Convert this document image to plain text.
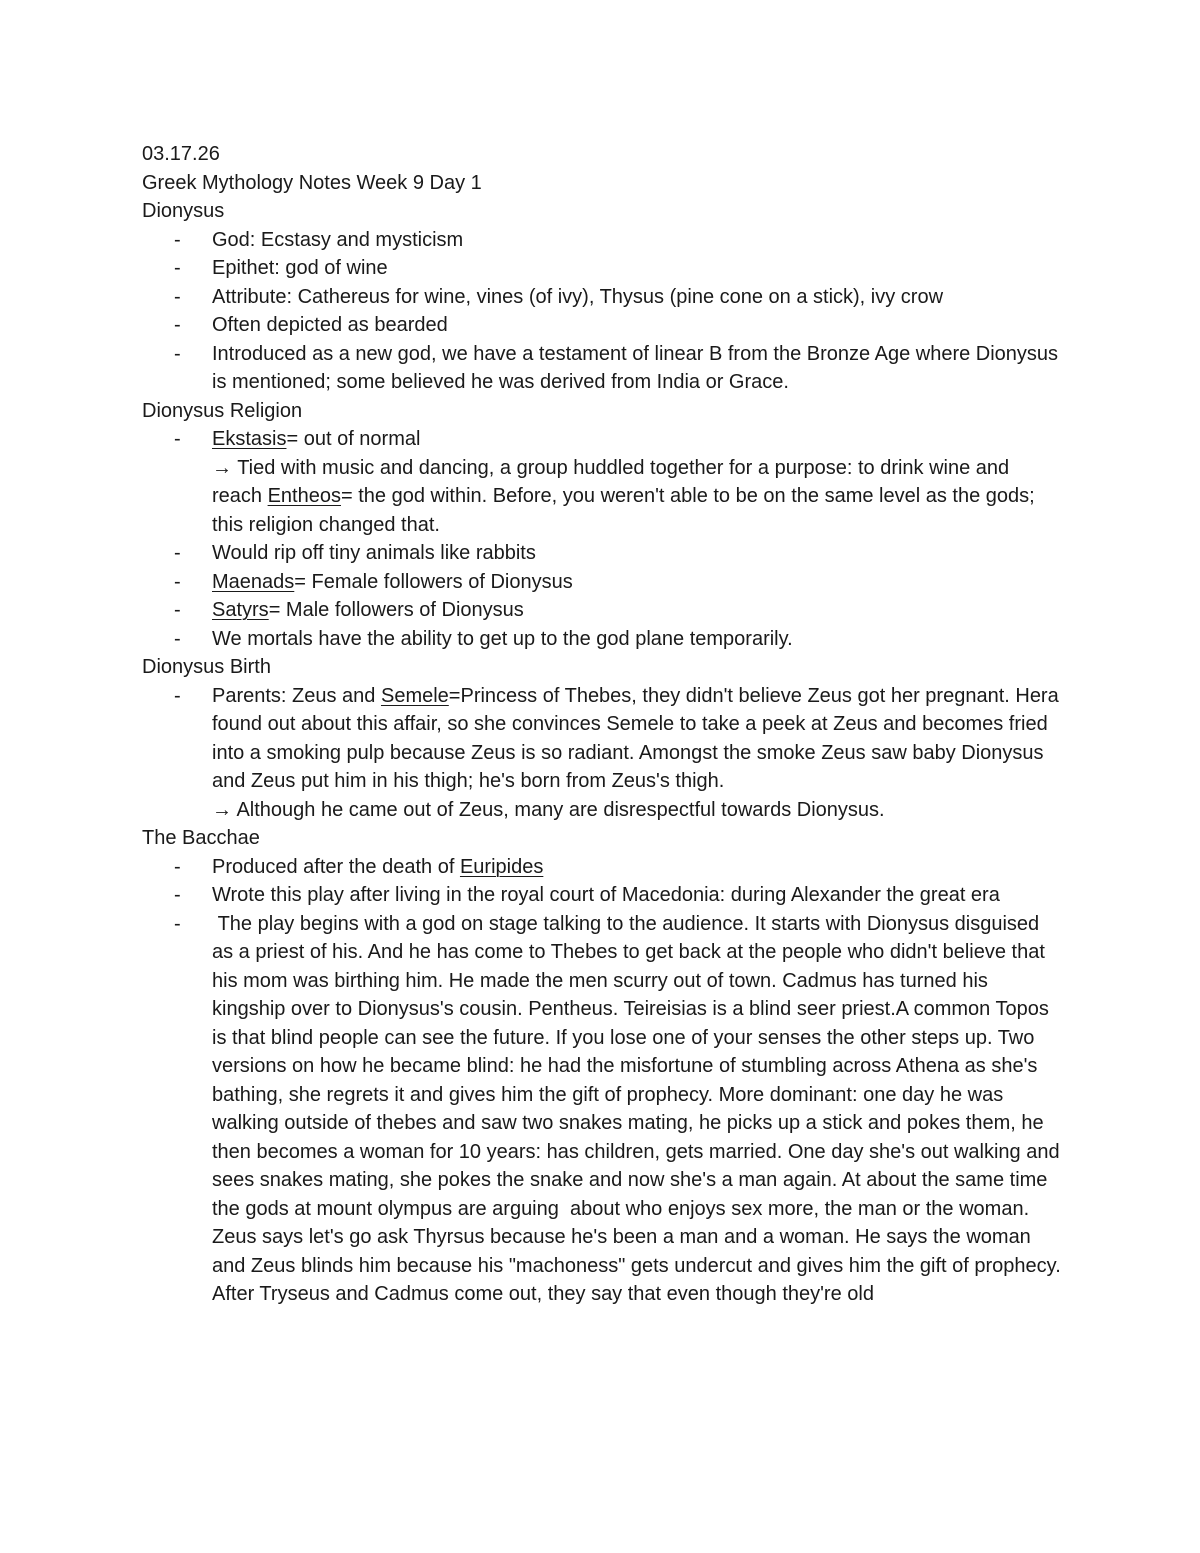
03.17.26
Greek Mythology Notes Week 9 Day 1
Dionysus
-	God: Ecstasy and mysticism
-	Epithet: god of wine
-	Attribute: Cathereus for wine, vines (of ivy), Thysus (pine cone on a stick), ivy crow
-	Often depicted as bearded
-	Introduced as a new god, we have a testament of linear B from the Bronze Age where Dionysus is mentioned; some believed he was derived from India or Grace.
Dionysus Religion
-	Ekstasis= out of normal
→ Tied with music and dancing, a group huddled together for a purpose: to drink wine and reach Entheos= the god within. Before, you weren't able to be on the same level as the gods; this religion changed that.
-	Would rip off tiny animals like rabbits
-	Maenads= Female followers of Dionysus
-	Satyrs= Male followers of Dionysus
-	We mortals have the ability to get up to the god plane temporarily.
Dionysus Birth
-	Parents: Zeus and Semele=Princess of Thebes, they didn't believe Zeus got her pregnant. Hera found out about this affair, so she convinces Semele to take a peek at Zeus and becomes fried into a smoking pulp because Zeus is so radiant. Amongst the smoke Zeus saw baby Dionysus and Zeus put him in his thigh; he's born from Zeus's thigh.
→ Although he came out of Zeus, many are disrespectful towards Dionysus.
The Bacchae
-	Produced after the death of Euripides
-	Wrote this play after living in the royal court of Macedonia: during Alexander the great era
-	The play begins with a god on stage talking to the audience. It starts with Dionysus disguised as a priest of his. And he has come to Thebes to get back at the people who didn't believe that his mom was birthing him. He made the men scurry out of town. Cadmus has turned his kingship over to Dionysus's cousin. Pentheus. Teireisias is a blind seer priest.A common Topos is that blind people can see the future. If you lose one of your senses the other steps up. Two versions on how he became blind: he had the misfortune of stumbling across Athena as she's bathing, she regrets it and gives him the gift of prophecy. More dominant: one day he was walking outside of thebes and saw two snakes mating, he picks up a stick and pokes them, he then becomes a woman for 10 years: has children, gets married. One day she's out walking and sees snakes mating, she pokes the snake and now she's a man again. At about the same time the gods at mount olympus are arguing  about who enjoys sex more, the man or the woman. Zeus says let's go ask Thyrsus because he's been a man and a woman. He says the woman and Zeus blinds him because his "machoness" gets undercut and gives him the gift of prophecy. After Tryseus and Cadmus come out, they say that even though they're old
